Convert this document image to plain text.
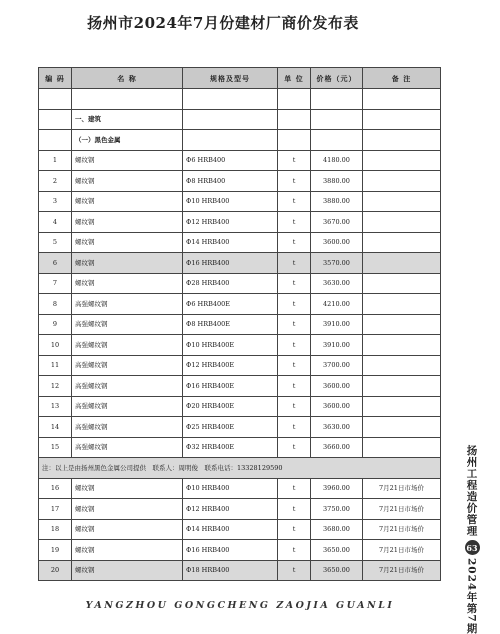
扬州市2024年7月份建材厂商价发布表
编 码	名 称	规格及型号	单 位	价格（元）	备 注

	一、建筑				
	（一）黑色金属				
1	螺纹钢	Φ6 HRB400	t	4180.00	
2	螺纹钢	Φ8 HRB400	t	3880.00	
3	螺纹钢	Φ10 HRB400	t	3880.00	
4	螺纹钢	Φ12 HRB400	t	3670.00	
5	螺纹钢	Φ14 HRB400	t	3600.00	
6	螺纹钢	Φ16 HRB400	t	3570.00	
7	螺纹钢	Φ28 HRB400	t	3630.00	
8	高强螺纹钢	Φ6 HRB400E	t	4210.00	
9	高强螺纹钢	Φ8 HRB400E	t	3910.00	
10	高强螺纹钢	Φ10 HRB400E	t	3910.00	
11	高强螺纹钢	Φ12 HRB400E	t	3700.00	
12	高强螺纹钢	Φ16 HRB400E	t	3600.00	
13	高强螺纹钢	Φ20 HRB400E	t	3600.00	
14	高强螺纹钢	Φ25 HRB400E	t	3630.00	
15	高强螺纹钢	Φ32 HRB400E	t	3660.00	
注：以上是由扬州黑色金属公司提供　联系人：周明俊　联系电话：13328129590					
16	螺纹钢	Φ10 HRB400	t	3960.00	7月21日市场价
17	螺纹钢	Φ12 HRB400	t	3750.00	7月21日市场价
18	螺纹钢	Φ14 HRB400	t	3680.00	7月21日市场价
19	螺纹钢	Φ16 HRB400	t	3650.00	7月21日市场价
20	螺纹钢	Φ18 HRB400	t	3650.00	7月21日市场价
扬州工程造价管理
63
2024年第7期
YANGZHOU GONGCHENG ZAOJIA GUANLI
